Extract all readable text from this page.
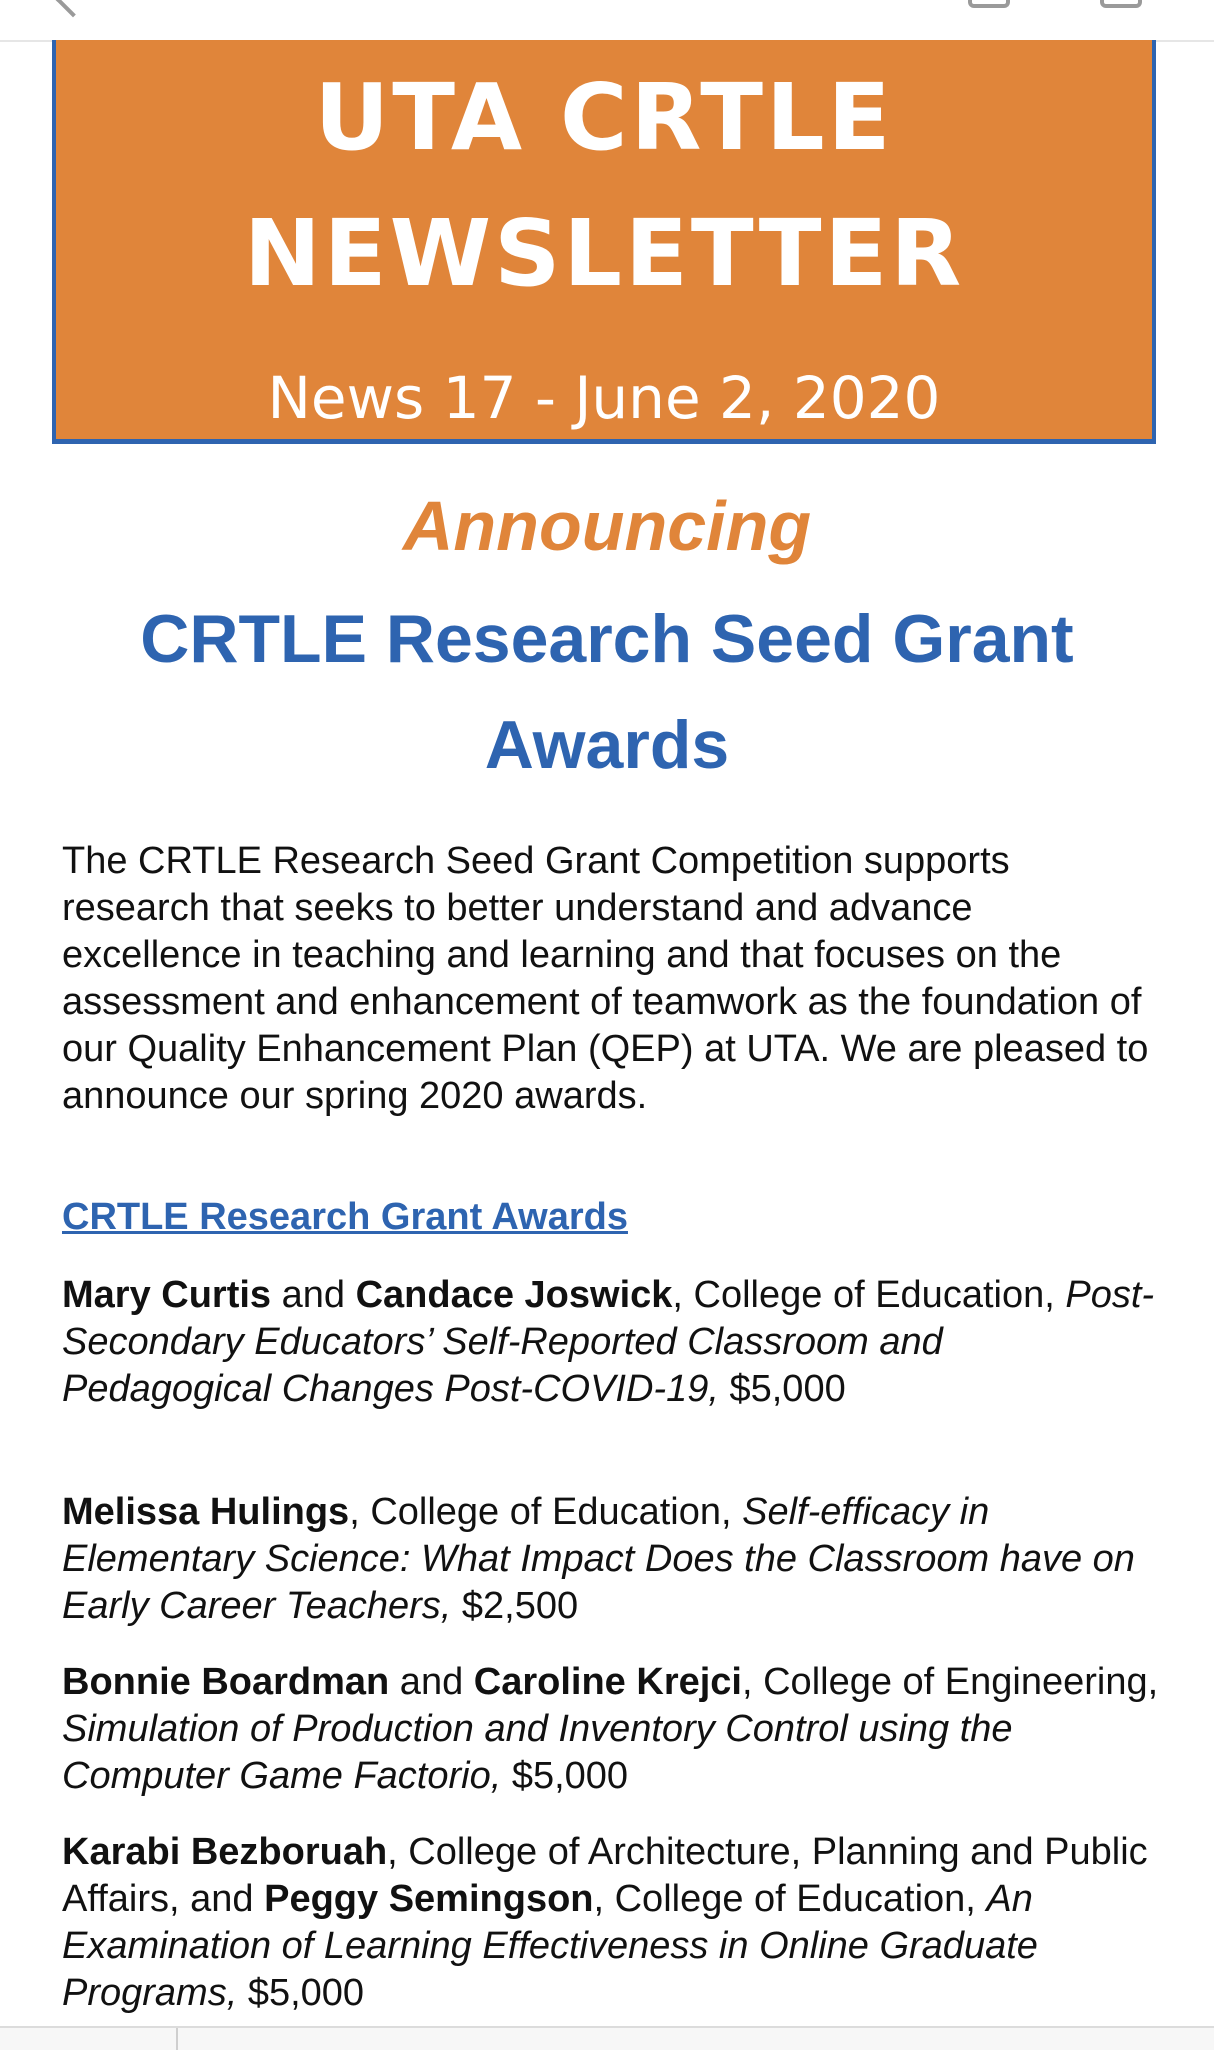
UTA CRTLE
NEWSLETTER
News 17 - June 2, 2020
Announcing
CRTLE Research Seed Grant Awards
The CRTLE Research Seed Grant Competition supports research that seeks to better understand and advance excellence in teaching and learning and that focuses on the assessment and enhancement of teamwork as the foundation of our Quality Enhancement Plan (QEP) at UTA. We are pleased to announce our spring 2020 awards.
CRTLE Research Grant Awards
Mary Curtis and Candace Joswick, College of Education, Post-Secondary Educators’ Self-Reported Classroom and Pedagogical Changes Post-COVID-19, $5,000
Melissa Hulings, College of Education, Self-efficacy in Elementary Science: What Impact Does the Classroom have on Early Career Teachers, $2,500
Bonnie Boardman and Caroline Krejci, College of Engineering, Simulation of Production and Inventory Control using the Computer Game Factorio, $5,000
Karabi Bezboruah, College of Architecture, Planning and Public Affairs, and Peggy Semingson, College of Education, An Examination of Learning Effectiveness in Online Graduate Programs, $5,000
